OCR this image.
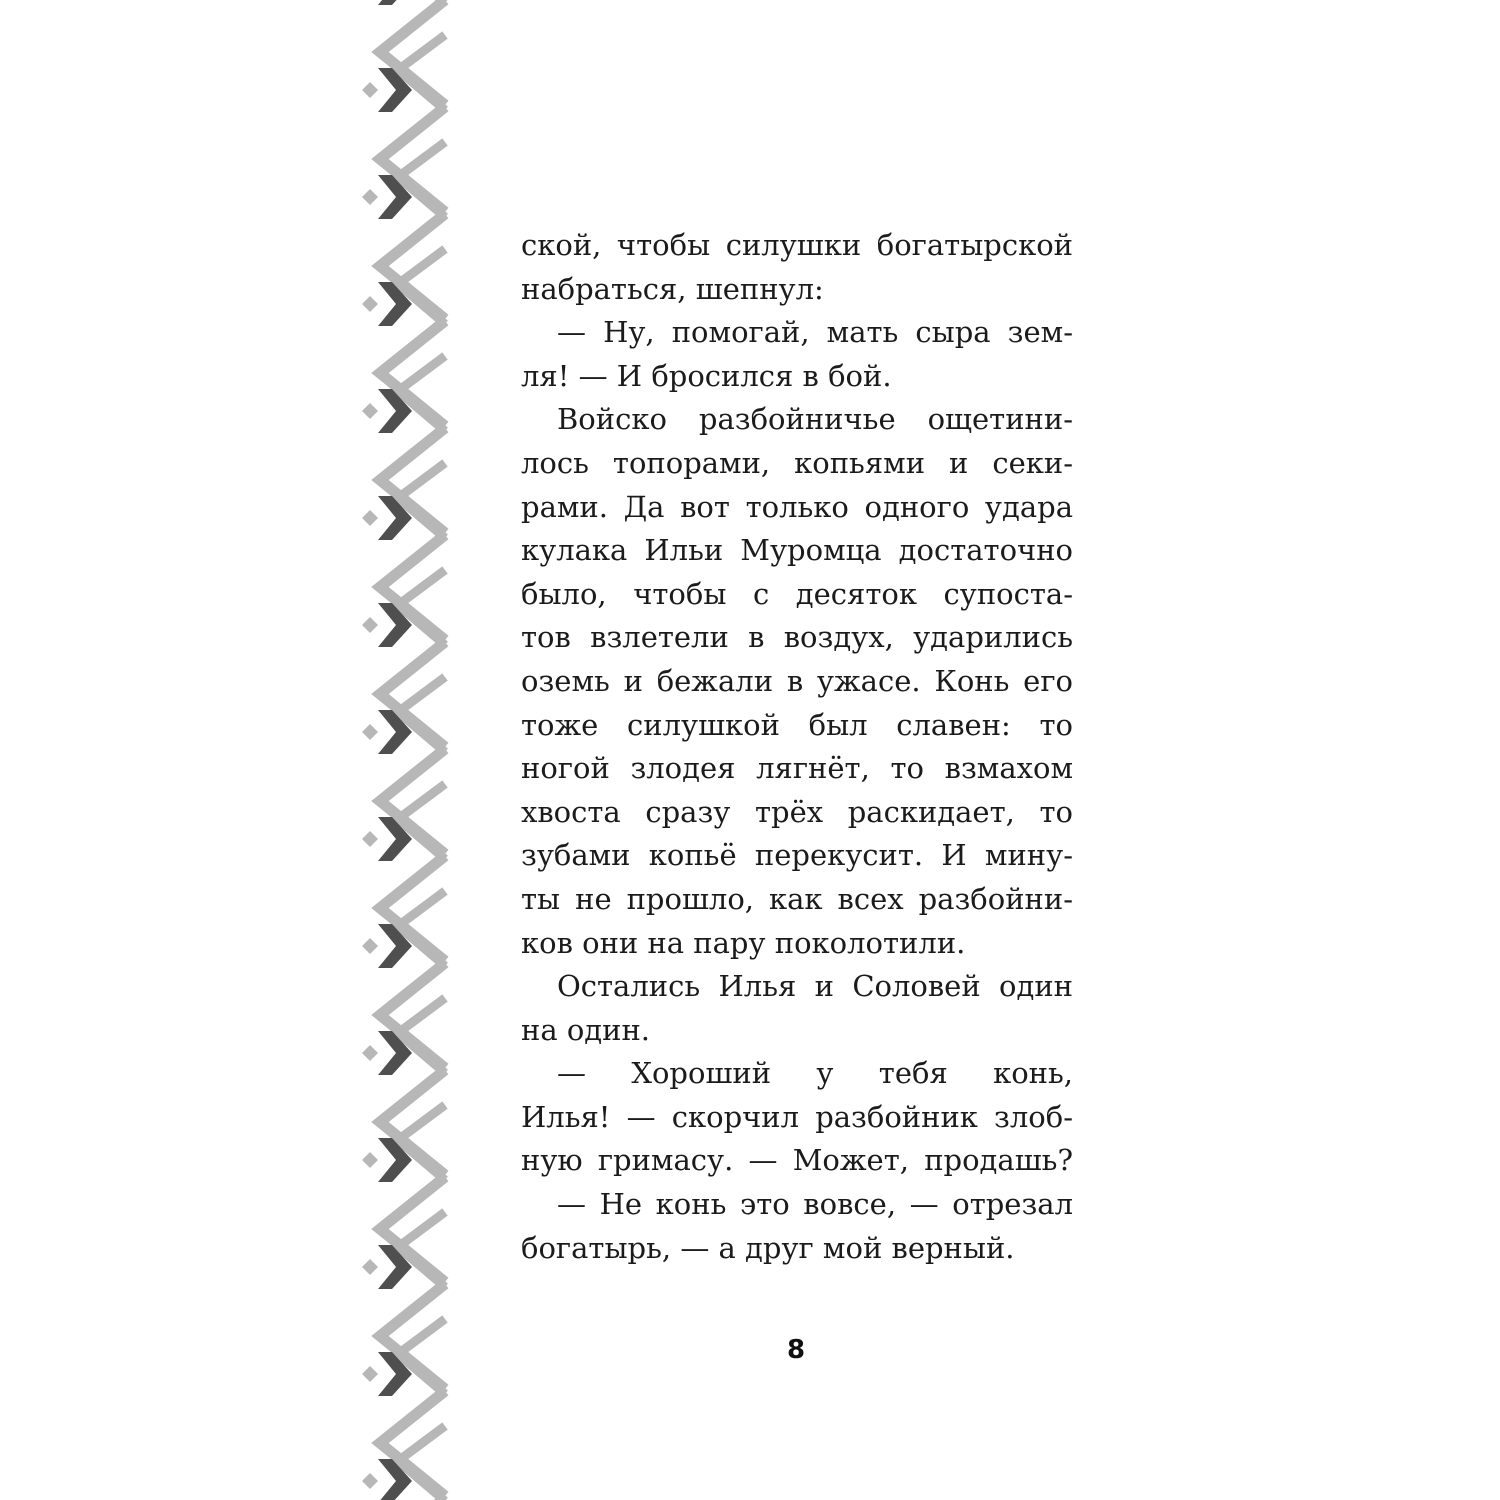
ской, чтобы силушки богатырской
набраться, шепнул:
— Ну, помогай, мать сыра зем-
ля! — И бросился в бой.
Войско разбойничье ощетини-
лось топорами, копьями и секи-
рами. Да вот только одного удара
кулака Ильи Муромца достаточно
было, чтобы с десяток супоста-
тов взлетели в воздух, ударились
оземь и бежали в ужасе. Конь его
тоже силушкой был славен: то
ногой злодея лягнёт, то взмахом
хвоста сразу трёх раскидает, то
зубами копьё перекусит. И мину-
ты не прошло, как всех разбойни-
ков они на пару поколотили.
Остались Илья и Соловей один
на один.
— Хороший у тебя конь,
Илья! — скорчил разбойник злоб-
ную гримасу. — Может, продашь?
— Не конь это вовсе, — отрезал
богатырь, — а друг мой верный.
8
